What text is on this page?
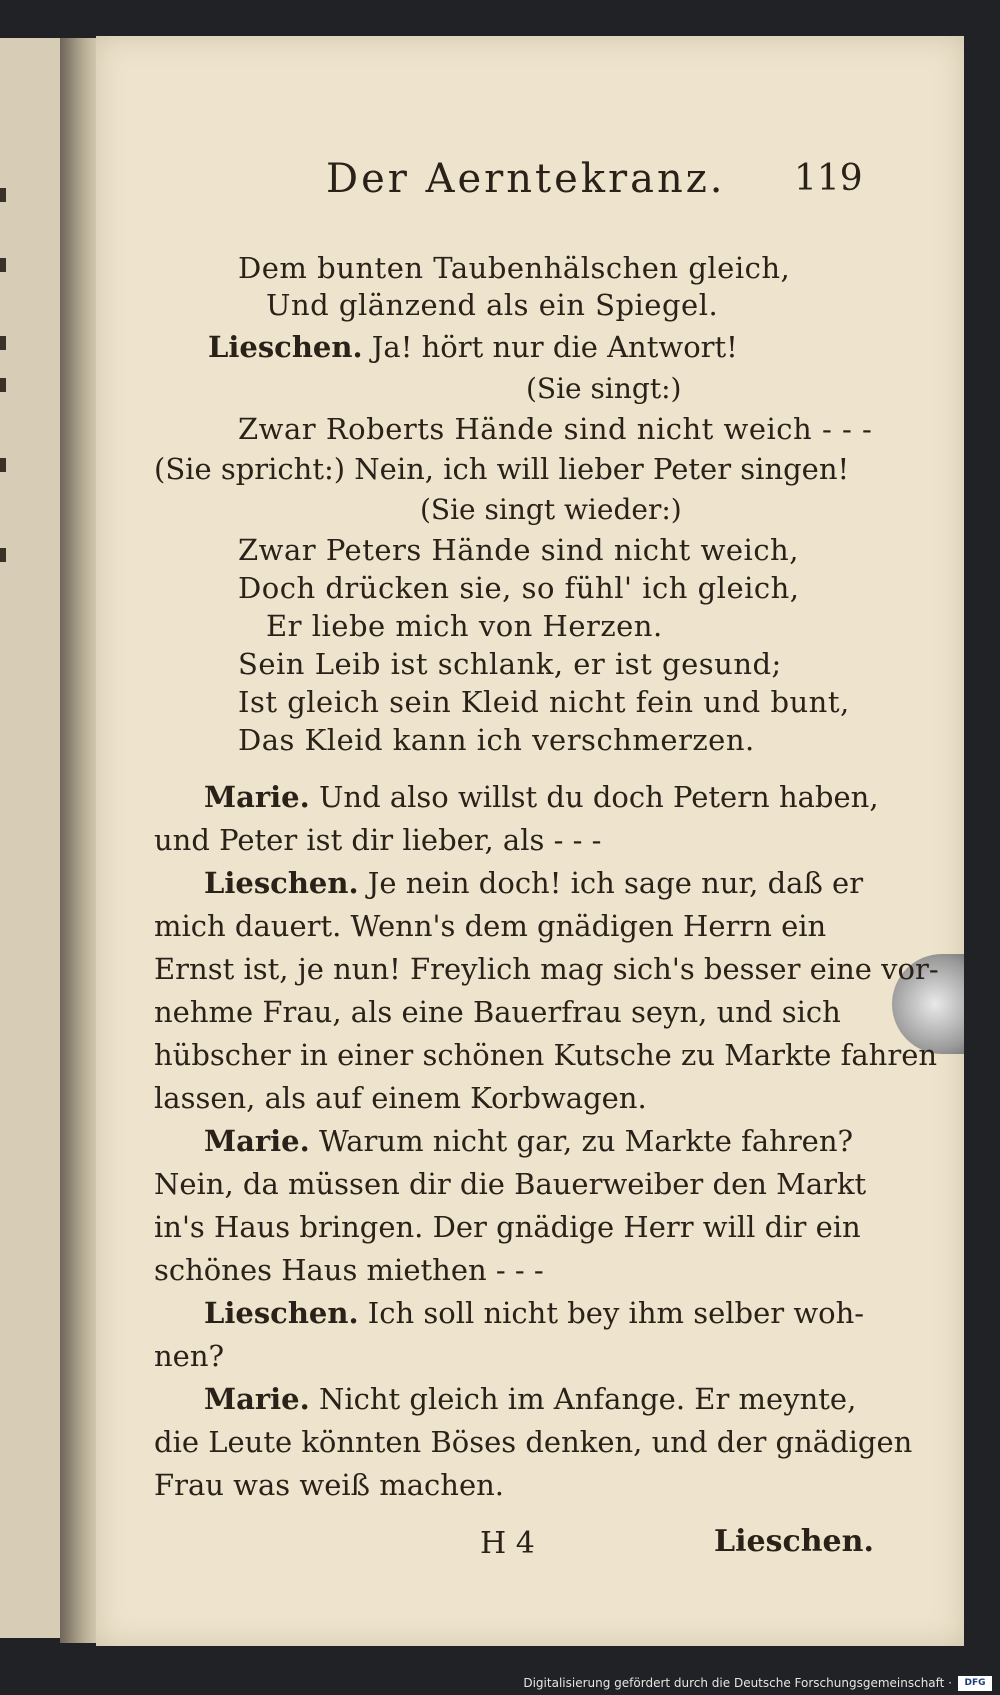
Der Aerntekranz. 119
Dem bunten Taubenhälschen gleich,
Und glänzend als ein Spiegel.
Lieschen. Ja! hört nur die Antwort!
(Sie singt:)
Zwar Roberts Hände sind nicht weich - - -
(Sie spricht:) Nein, ich will lieber Peter singen!
(Sie singt wieder:)
Zwar Peters Hände sind nicht weich,
Doch drücken sie, so fühl' ich gleich,
Er liebe mich von Herzen.
Sein Leib ist schlank, er ist gesund;
Ist gleich sein Kleid nicht fein und bunt,
Das Kleid kann ich verschmerzen.
Marie. Und also willst du doch Petern haben,
und Peter ist dir lieber, als - - -
Lieschen. Je nein doch! ich sage nur, daß er
mich dauert. Wenn's dem gnädigen Herrn ein
Ernst ist, je nun! Freylich mag sich's besser eine vor-
nehme Frau, als eine Bauerfrau seyn, und sich
hübscher in einer schönen Kutsche zu Markte fahren
lassen, als auf einem Korbwagen.
Marie. Warum nicht gar, zu Markte fahren?
Nein, da müssen dir die Bauerweiber den Markt
in's Haus bringen. Der gnädige Herr will dir ein
schönes Haus miethen - - -
Lieschen. Ich soll nicht bey ihm selber woh-
nen?
Marie. Nicht gleich im Anfange. Er meynte,
die Leute könnten Böses denken, und der gnädigen
Frau was weiß machen.
H 4	Lieschen.
Digitalisierung gefördert durch die Deutsche Forschungsgemeinschaft ·	DFG
